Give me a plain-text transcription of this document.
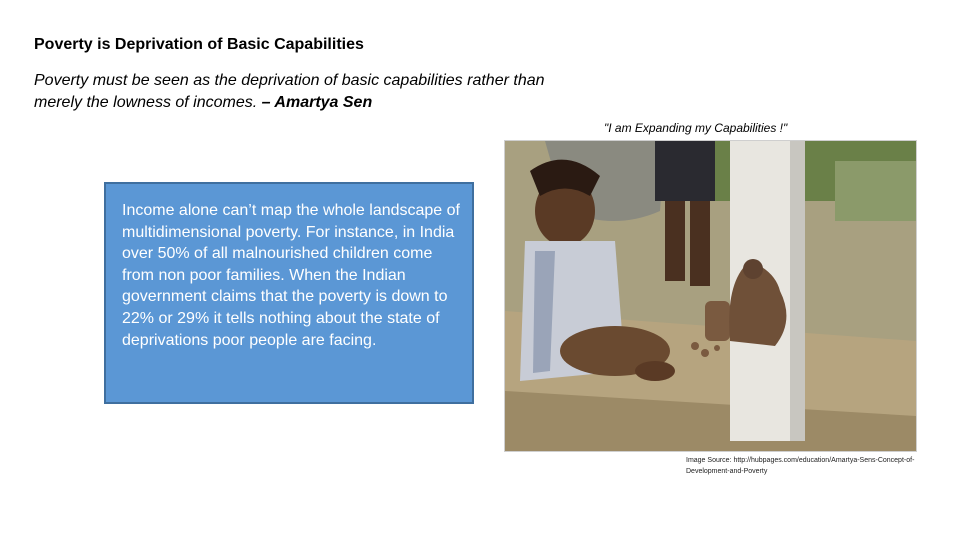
Poverty is Deprivation of Basic Capabilities

Poverty must be seen as the deprivation of basic capabilities rather than merely the lowness of incomes. – Amartya Sen

"I am Expanding my Capabilities !"

Income alone can’t map the whole landscape of multidimensional poverty. For instance, in India over 50% of all malnourished children come from non poor families. When the Indian government claims that the poverty is down to 22% or 29% it tells nothing about the state of deprivations poor people are facing.

Image Source: http://hubpages.com/education/Amartya-Sens-Concept-of-Development-and-Poverty
